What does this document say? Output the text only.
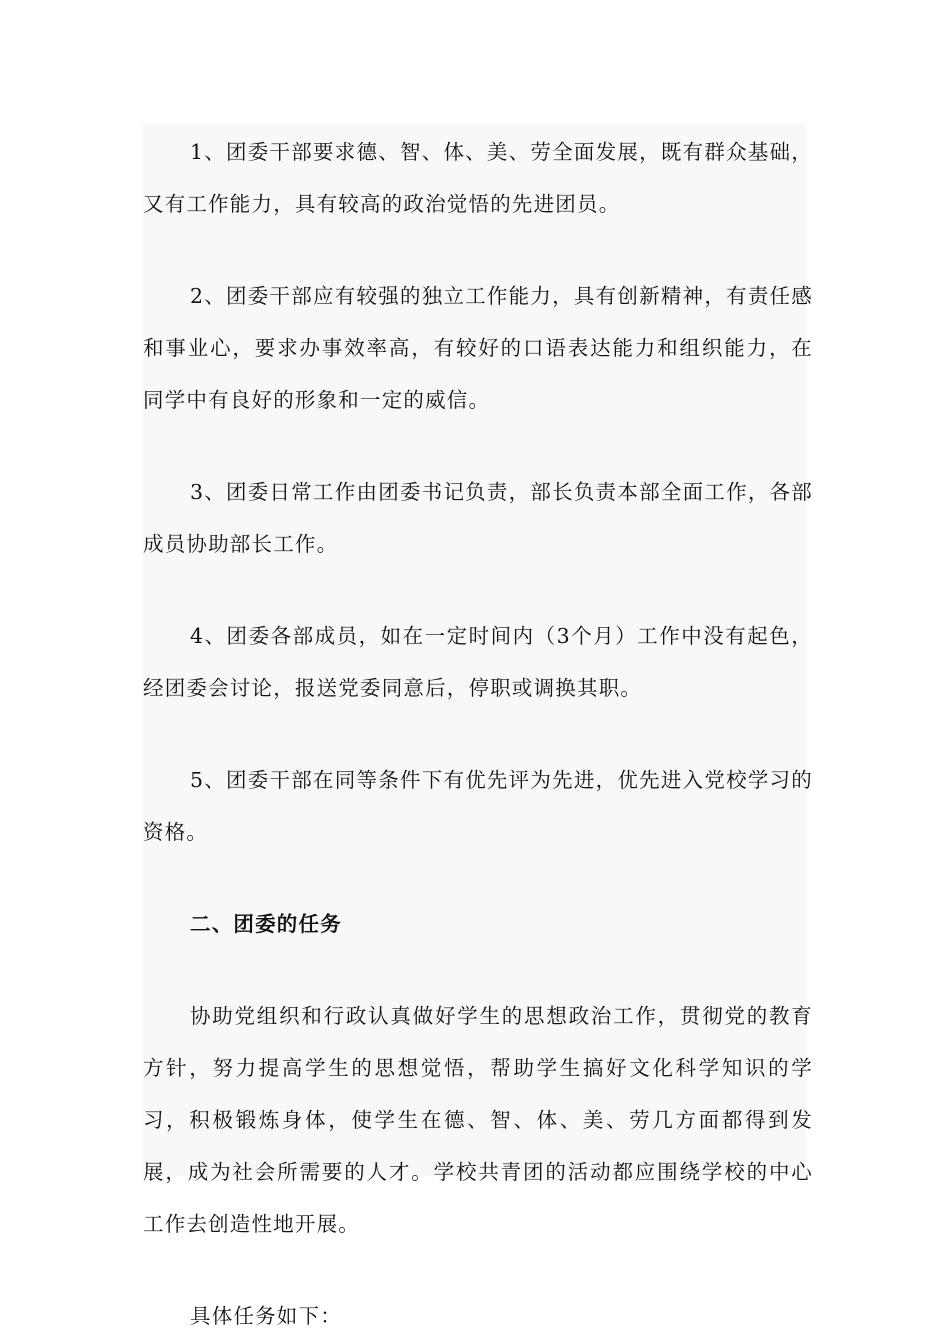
1、团委干部要求德、智、体、美、劳全面发展，既有群众基础，又有工作能力，具有较高的政治觉悟的先进团员。

2、团委干部应有较强的独立工作能力，具有创新精神，有责任感和事业心，要求办事效率高，有较好的口语表达能力和组织能力，在同学中有良好的形象和一定的威信。

3、团委日常工作由团委书记负责，部长负责本部全面工作，各部成员协助部长工作。

4、团委各部成员，如在一定时间内（3个月）工作中没有起色，经团委会讨论，报送党委同意后，停职或调换其职。

5、团委干部在同等条件下有优先评为先进，优先进入党校学习的资格。

二、团委的任务

协助党组织和行政认真做好学生的思想政治工作，贯彻党的教育方针，努力提高学生的思想觉悟，帮助学生搞好文化科学知识的学习，积极锻炼身体，使学生在德、智、体、美、劳几方面都得到发展，成为社会所需要的人才。学校共青团的活动都应围绕学校的中心工作去创造性地开展。

具体任务如下：
